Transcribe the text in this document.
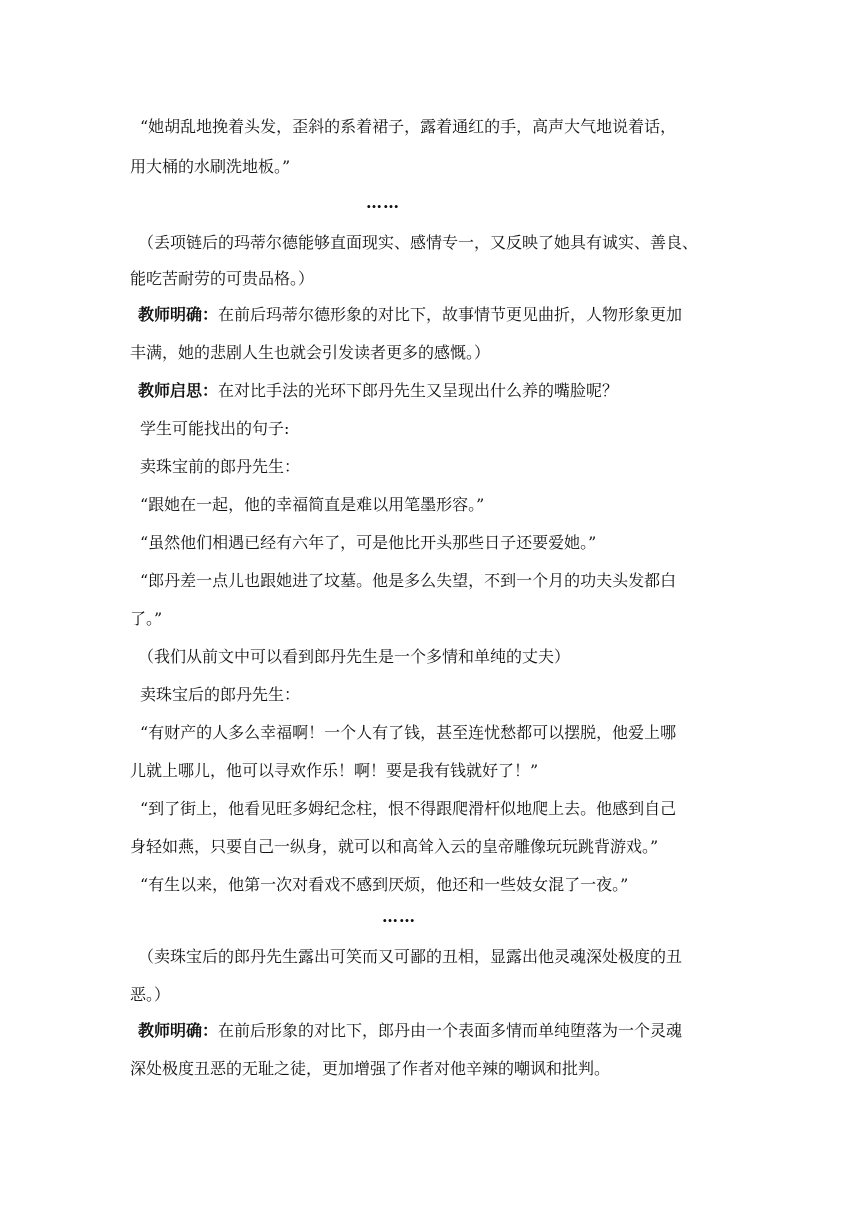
“她胡乱地挽着头发，歪斜的系着裙子，露着通红的手，高声大气地说着话，
用大桶的水刷洗地板。”
……
（丢项链后的玛蒂尔德能够直面现实、感情专一，又反映了她具有诚实、善良、
能吃苦耐劳的可贵品格。）
教师明确：在前后玛蒂尔德形象的对比下，故事情节更见曲折，人物形象更加
丰满，她的悲剧人生也就会引发读者更多的感慨。）
教师启思：在对比手法的光环下郎丹先生又呈现出什么养的嘴脸呢？
学生可能找出的句子:
卖珠宝前的郎丹先生：
“跟她在一起，他的幸福简直是难以用笔墨形容。”
“虽然他们相遇已经有六年了，可是他比开头那些日子还要爱她。”
“郎丹差一点儿也跟她进了坟墓。他是多么失望，不到一个月的功夫头发都白
了。”
（我们从前文中可以看到郎丹先生是一个多情和单纯的丈夫）
卖珠宝后的郎丹先生：
“有财产的人多么幸福啊！一个人有了钱，甚至连忧愁都可以摆脱，他爱上哪
儿就上哪儿，他可以寻欢作乐！啊！要是我有钱就好了！”
“到了街上，他看见旺多姆纪念柱，恨不得跟爬滑杆似地爬上去。他感到自己
身轻如燕，只要自己一纵身，就可以和高耸入云的皇帝雕像玩玩跳背游戏。”
“有生以来，他第一次对看戏不感到厌烦，他还和一些妓女混了一夜。”
……
（卖珠宝后的郎丹先生露出可笑而又可鄙的丑相，显露出他灵魂深处极度的丑
恶。）
教师明确：在前后形象的对比下，郎丹由一个表面多情而单纯堕落为一个灵魂
深处极度丑恶的无耻之徒，更加增强了作者对他辛辣的嘲讽和批判。
